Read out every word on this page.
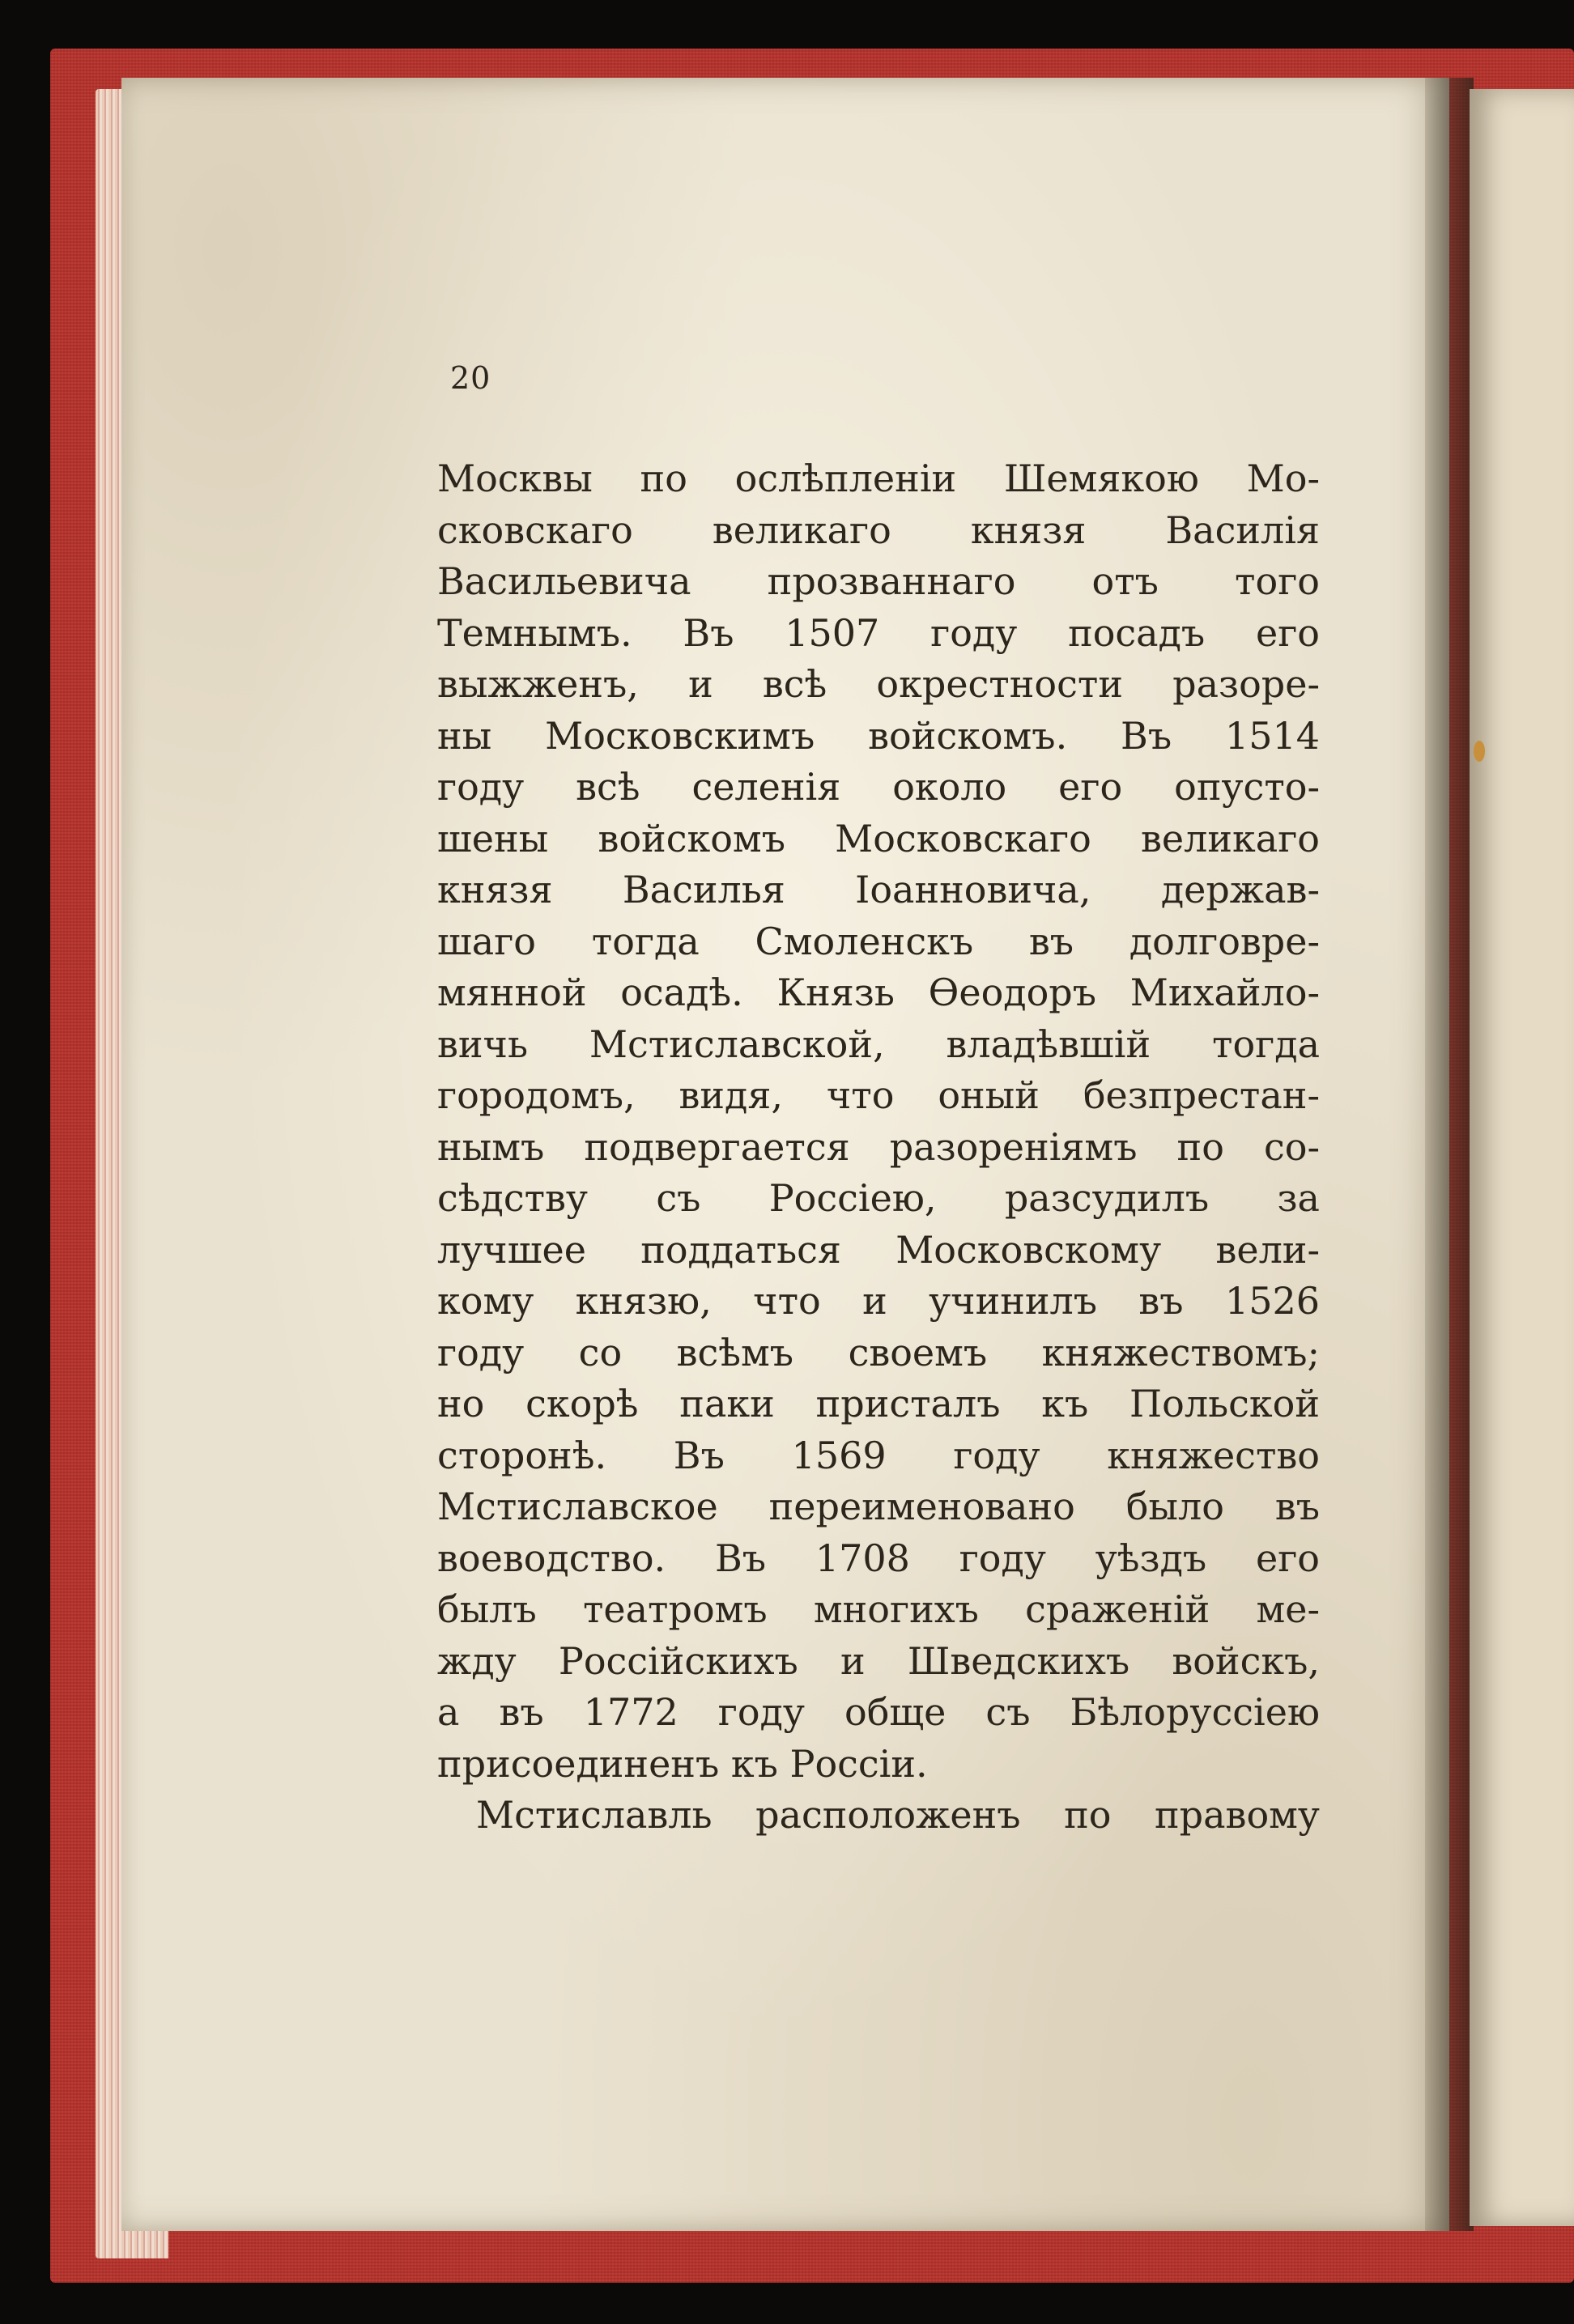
20
Москвы по ослѣпленіи Шемякою Мо-
сковскаго великаго князя Василія
Васильевича прозваннаго отъ того
Темнымъ. Въ 1507 году посадъ его
выжженъ, и всѣ окрестности разоре-
ны Московскимъ войскомъ. Въ 1514
году всѣ селенія около его опусто-
шены войскомъ Московскаго великаго
князя Василья Іоанновича, держав-
шаго тогда Смоленскъ въ долговре-
мянной осадѣ. Князь Ѳеодоръ Михайло-
вичь Мстиславской, владѣвшій тогда
городомъ, видя, что оный безпрестан-
нымъ подвергается разореніямъ по со-
сѣдству съ Россіею, разсудилъ за
лучшее поддаться Московскому вели-
кому князю, что и учинилъ въ 1526
году со всѣмъ своемъ княжествомъ;
но скорѣ паки присталъ къ Польской
сторонѣ. Въ 1569 году княжество
Мстиславское переименовано было въ
воеводство. Въ 1708 году уѣздъ его
былъ театромъ многихъ сраженій ме-
жду Россійскихъ и Шведскихъ войскъ,
а въ 1772 году обще съ Бѣлоруссіею
присоединенъ къ Россіи.
Мстиславль расположенъ по правому
